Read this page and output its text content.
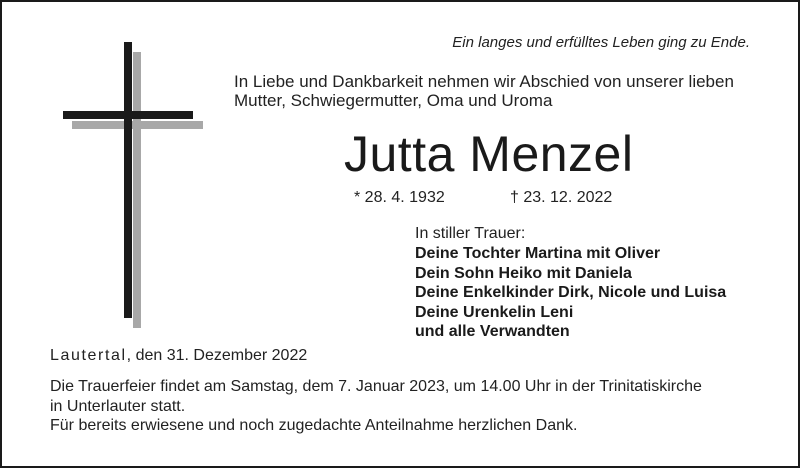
Ein langes und erfülltes Leben ging zu Ende.
In Liebe und Dankbarkeit nehmen wir Abschied von unserer lieben
Mutter, Schwiegermutter, Oma und Uroma
Jutta Menzel
* 28. 4. 1932	† 23. 12. 2022
In stiller Trauer:
Deine Tochter Martina mit Oliver
Dein Sohn Heiko mit Daniela
Deine Enkelkinder Dirk, Nicole und Luisa
Deine Urenkelin Leni
und alle Verwandten
Lautertal, den 31. Dezember 2022
Die Trauerfeier findet am Samstag, dem 7. Januar 2023, um 14.00 Uhr in der Trinitatiskirche
in Unterlauter statt.
Für bereits erwiesene und noch zugedachte Anteilnahme herzlichen Dank.
